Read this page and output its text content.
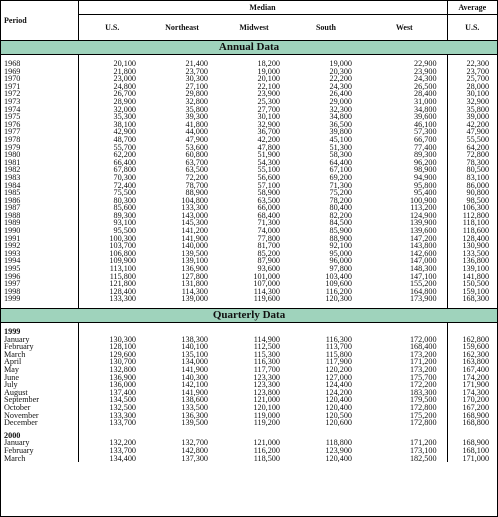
Period	Median					Average
	U.S.	Northeast	Midwest	South	West	U.S.
Annual Data						

1968	20,100	21,400	18,200	19,000	22,900	22,300
1969	21,800	23,700	19,000	20,300	23,900	23,700
1970	23,000	30,300	20,100	22,200	24,300	25,700
1971	24,800	27,100	22,100	24,300	26,500	28,000
1972	26,700	29,800	23,900	26,400	28,400	30,100
1973	28,900	32,800	25,300	29,000	31,000	32,900
1974	32,000	35,800	27,700	32,300	34,800	35,800
1975	35,300	39,300	30,100	34,800	39,600	39,000
1976	38,100	41,800	32,900	36,500	46,100	42,200
1977	42,900	44,000	36,700	39,800	57,300	47,900
1978	48,700	47,900	42,200	45,100	66,700	55,500
1979	55,700	53,600	47,800	51,300	77,400	64,200
1980	62,200	60,800	51,900	58,300	89,300	72,800
1981	66,400	63,700	54,300	64,400	96,200	78,300
1982	67,800	63,500	55,100	67,100	98,900	80,500
1983	70,300	72,200	56,600	69,200	94,900	83,100
1984	72,400	78,700	57,100	71,300	95,800	86,000
1985	75,500	88,900	58,900	75,200	95,400	90,800
1986	80,300	104,800	63,500	78,200	100,900	98,500
1987	85,600	133,300	66,000	80,400	113,200	106,300
1988	89,300	143,000	68,400	82,200	124,900	112,800
1989	93,100	145,300	71,300	84,500	139,900	118,100
1990	95,500	141,200	74,000	85,900	139,600	118,600
1991	100,300	141,900	77,800	88,900	147,200	128,400
1992	103,700	140,000	81,700	92,100	143,800	130,900
1993	106,800	139,500	85,200	95,000	142,600	133,500
1994	109,900	139,100	87,900	96,000	147,000	136,800
1995	113,100	136,900	93,600	97,800	148,300	139,100
1996	115,800	127,800	101,000	103,400	147,100	141,800
1997	121,800	131,800	107,000	109,600	155,200	150,500
1998	128,400	114,300	114,300	116,200	164,800	159,100
1999	133,300	139,000	119,600	120,300	173,900	168,300

Quarterly Data						

1999						
January	130,300	138,300	114,900	116,300	172,000	162,800
February	128,100	140,100	112,500	113,700	168,400	159,600
March	129,600	135,100	115,300	115,800	173,200	162,300
April	130,700	134,000	116,300	117,900	171,200	163,800
May	132,800	141,900	117,700	120,200	173,200	167,400
June	136,900	140,300	123,300	127,000	175,700	174,200
July	136,000	142,100	123,300	124,400	172,200	171,900
August	137,400	141,900	123,800	124,200	183,300	174,300
September	134,500	138,600	121,000	120,400	179,500	170,200
October	132,500	133,500	120,100	120,400	172,800	167,200
November	133,300	136,300	119,000	120,500	175,200	168,900
December	133,700	139,500	119,200	120,600	172,800	168,800

2000						
January	132,200	132,700	121,000	118,800	171,200	168,900
February	133,700	142,800	116,200	123,900	173,100	168,100
March	134,400	137,300	118,500	120,400	182,500	171,000
